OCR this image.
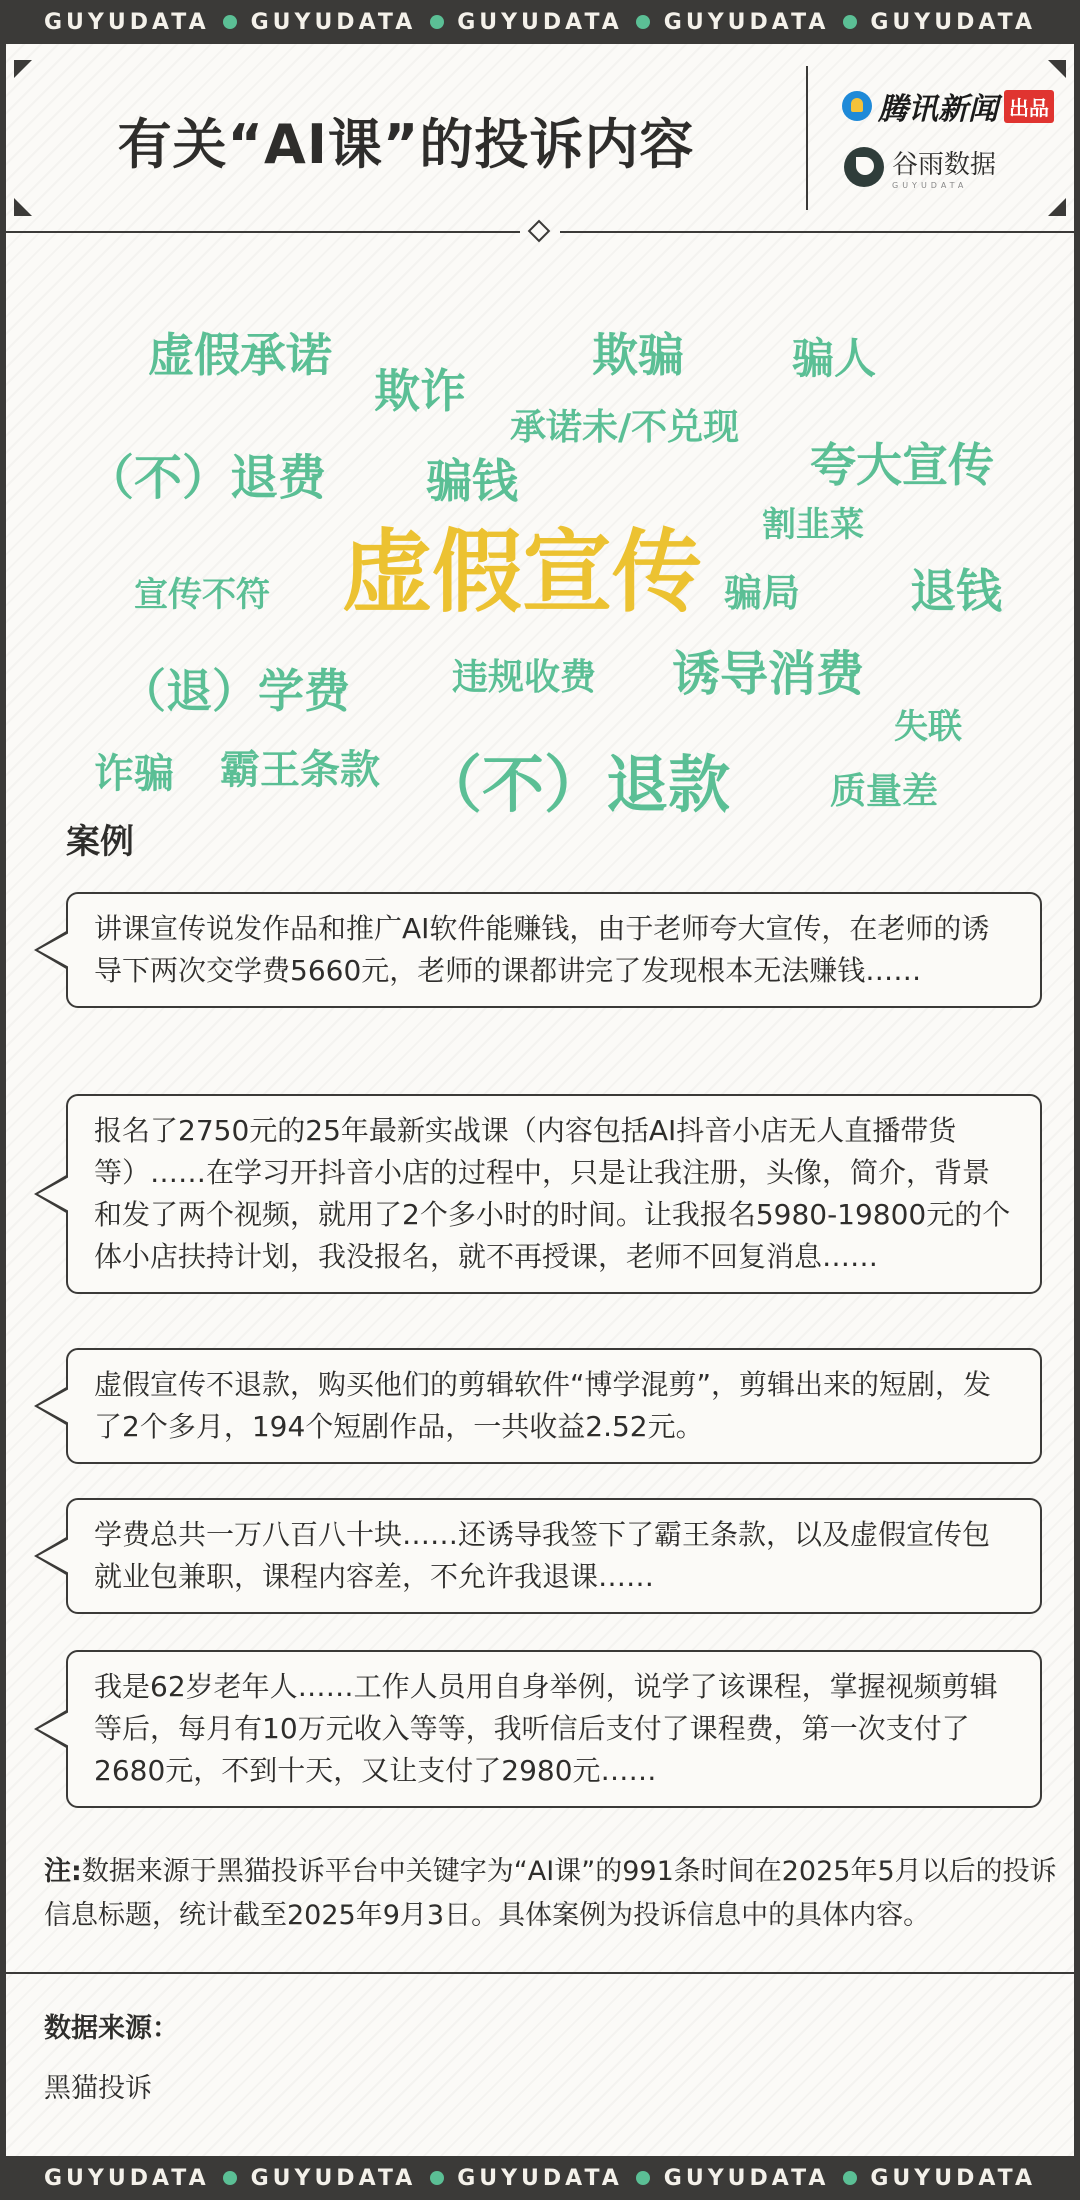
GUYUDATA GUYUDATA GUYUDATA GUYUDATA GUYUDATA
有关“AI课”的投诉内容
腾讯新闻 出品
谷雨数据
GUYUDATA
虚假承诺
欺诈
欺骗	骗人
承诺未/不兑现
（不）退费 骗钱	夸大宣传
割韭菜
宣传不符 虚假宣传 骗局 退钱
（退）学费	违规收费 诱导消费
失联
诈骗 霸王条款 （不）退款	质量差
案例
讲课宣传说发作品和推广AI软件能赚钱，由于老师夸大宣传，在老师的诱导下两次交学费5660元，老师的课都讲完了发现根本无法赚钱……
报名了2750元的25年最新实战课（内容包括AI抖音小店无人直播带货等）……在学习开抖音小店的过程中，只是让我注册，头像，简介，背景和发了两个视频，就用了2个多小时的时间。让我报名5980-19800元的个体小店扶持计划，我没报名，就不再授课，老师不回复消息……
虚假宣传不退款，购买他们的剪辑软件“博学混剪”，剪辑出来的短剧，发了2个多月，194个短剧作品，一共收益2.52元。
学费总共一万八百八十块……还诱导我签下了霸王条款，以及虚假宣传包就业包兼职，课程内容差，不允许我退课……
我是62岁老年人……工作人员用自身举例，说学了该课程，掌握视频剪辑等后，每月有10万元收入等等，我听信后支付了课程费，第一次支付了2680元，不到十天，又让支付了2980元……
注:数据来源于黑猫投诉平台中关键字为“AI课”的991条时间在2025年5月以后的投诉信息标题，统计截至2025年9月3日。具体案例为投诉信息中的具体内容。
数据来源：
黑猫投诉
GUYUDATA GUYUDATA GUYUDATA GUYUDATA GUYUDATA
